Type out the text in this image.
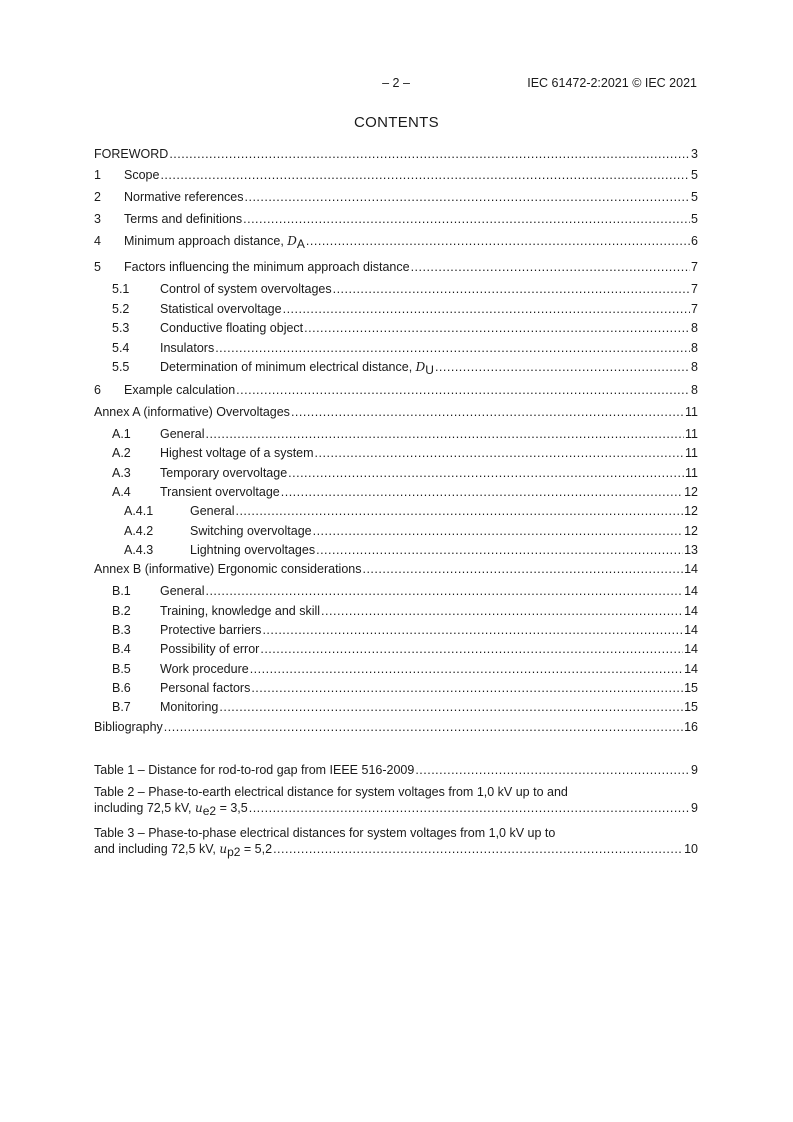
– 2 –	IEC 61472-2:2021 © IEC 2021
CONTENTS
FOREWORD .....	3
1	Scope .....	5
2	Normative references .....	5
3	Terms and definitions .....	5
4	Minimum approach distance, DA .....	6
5	Factors influencing the minimum approach distance .....	7
5.1	Control of system overvoltages .....	7
5.2	Statistical overvoltage .....	7
5.3	Conductive floating object .....	8
5.4	Insulators .....	8
5.5	Determination of minimum electrical distance, DU .....	8
6	Example calculation .....	8
Annex A (informative) Overvoltages .....	11
A.1	General .....	11
A.2	Highest voltage of a system .....	11
A.3	Temporary overvoltage .....	11
A.4	Transient overvoltage .....	12
A.4.1	General .....	12
A.4.2	Switching overvoltage .....	12
A.4.3	Lightning overvoltages .....	13
Annex B (informative) Ergonomic considerations .....	14
B.1	General .....	14
B.2	Training, knowledge and skill .....	14
B.3	Protective barriers .....	14
B.4	Possibility of error .....	14
B.5	Work procedure .....	14
B.6	Personal factors .....	15
B.7	Monitoring .....	15
Bibliography .....	16
Table 1 – Distance for rod-to-rod gap from IEEE 516-2009 .....	9
Table 2 – Phase-to-earth electrical distance for system voltages from 1,0 kV up to and
including 72,5 kV, ue2 = 3,5 .....	9
Table 3 – Phase-to-phase electrical distances for system voltages from 1,0 kV up to
and including 72,5 kV, up2 = 5,2 .....	10
